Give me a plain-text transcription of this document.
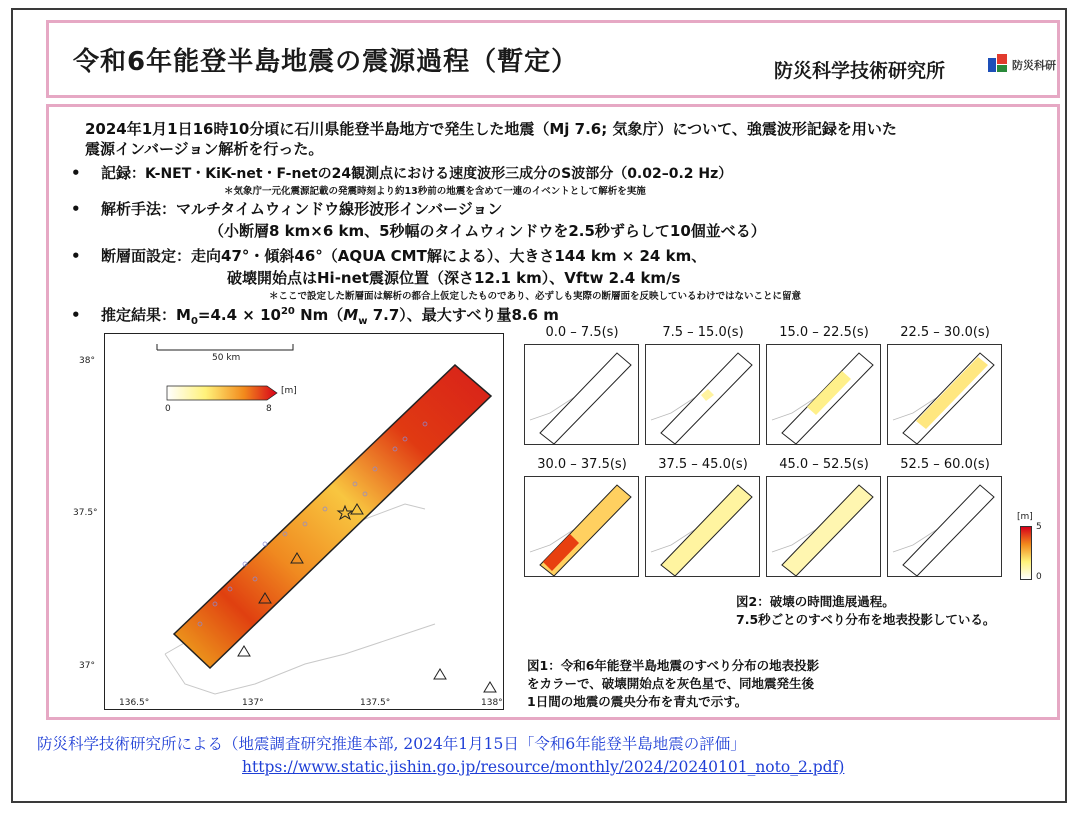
令和6年能登半島地震の震源過程（暫定）	防災科学技術研究所	防災科研
2024年1月1日16時10分頃に石川県能登半島地方で発生した地震（Mj 7.6; 気象庁）について、強震波形記録を用いた
震源インバージョン解析を行った。
• 記録：K-NET・KiK-net・F-netの24観測点における速度波形三成分のS波部分（0.02–0.2 Hz）
＊気象庁一元化震源記載の発震時刻より約13秒前の地震を含めて一連のイベントとして解析を実施
• 解析手法：マルチタイムウィンドウ線形波形インバージョン
（小断層8 km×6 km、5秒幅のタイムウィンドウを2.5秒ずらして10個並べる）
• 断層面設定：走向47°・傾斜46°（AQUA CMT解による）、大きさ144 km × 24 km、
破壊開始点はHi-net震源位置（深さ12.1 km）、Vftw 2.4 km/s
＊ここで設定した断層面は解析の都合上仮定したものであり、必ずしも実際の断層面を反映しているわけではないことに留意
• 推定結果：$M_0=4.4 \times 10^{20}$ $Nm(M_w$ 7.7）、最大すべり量8.6 m
50 km
[m]
0	8
38°
37.5°
37°
136.5°	137°	137.5°	138°
0.0 – 7.5(s)	7.5 – 15.0(s)	15.0 – 22.5(s)	22.5 – 30.0(s)
30.0 – 37.5(s)	37.5 – 45.0(s)	45.0 – 52.5(s)	52.5 – 60.0(s)
[m]
5
0
図2：破壊の時間進展過程。
7.5秒ごとのすべり分布を地表投影している。
図1：令和6年能登半島地震のすべり分布の地表投影
をカラーで、破壊開始点を灰色星で、同地震発生後
1日間の地震の震央分布を青丸で示す。
防災科学技術研究所による（地震調査研究推進本部, 2024年1月15日「令和6年能登半島地震の評価」
https://www.static.jishin.go.jp/resource/monthly/2024/20240101_noto_2.pdf)
